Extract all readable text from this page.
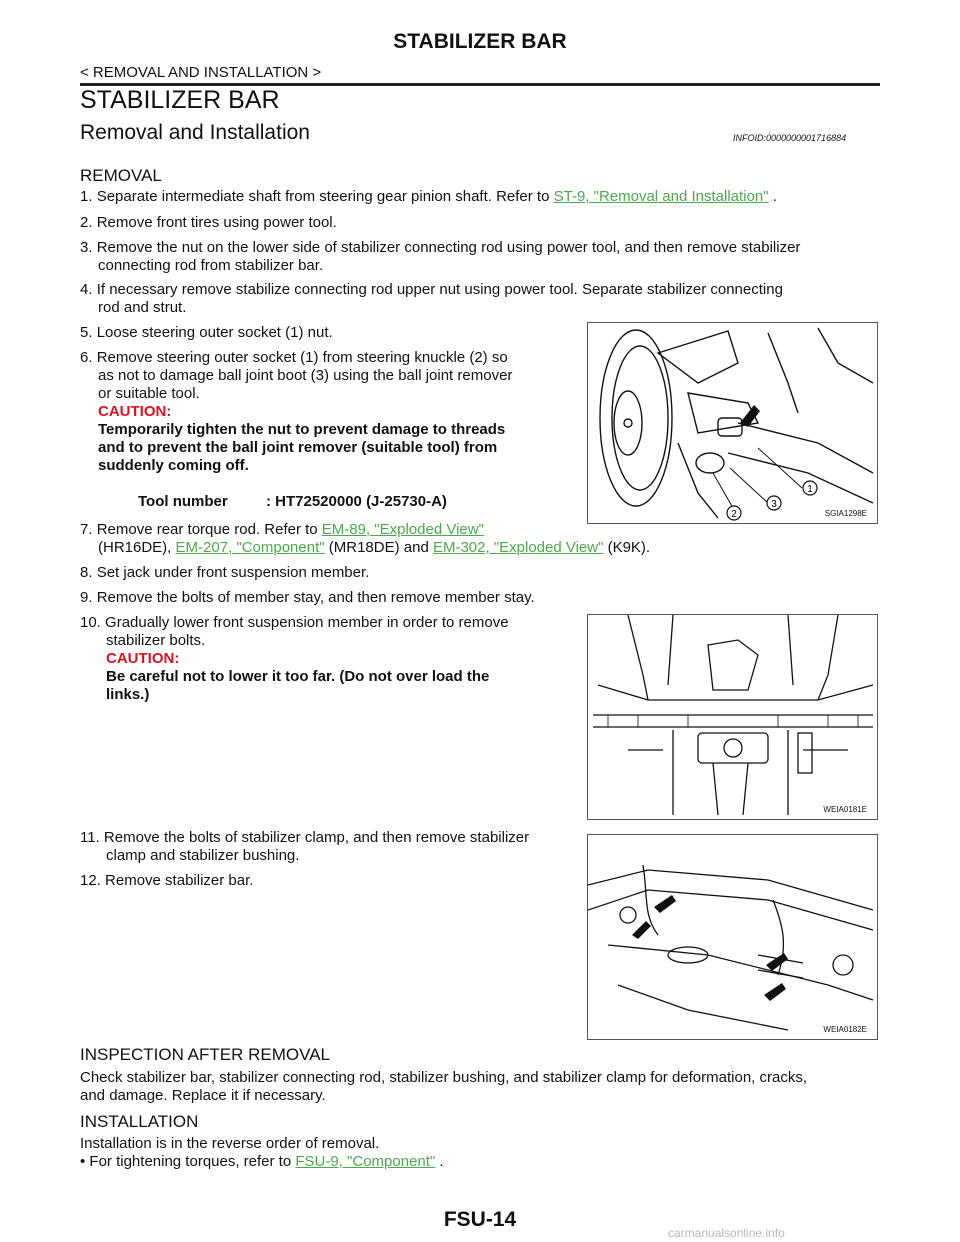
STABILIZER BAR
< REMOVAL AND INSTALLATION >
STABILIZER BAR
Removal and Installation	INFOID:0000000001716884
REMOVAL
1. Separate intermediate shaft from steering gear pinion shaft. Refer to ST-9, "Removal and Installation" .
2. Remove front tires using power tool.
3. Remove the nut on the lower side of stabilizer connecting rod using power tool, and then remove stabilizer
connecting rod from stabilizer bar.
4. If necessary remove stabilize connecting rod upper nut using power tool. Separate stabilizer connecting
rod and strut.
5. Loose steering outer socket (1) nut.
6. Remove steering outer socket (1) from steering knuckle (2) so
as not to damage ball joint boot (3) using the ball joint remover
or suitable tool.
CAUTION:
Temporarily tighten the nut to prevent damage to threads
and to prevent the ball joint remover (suitable tool) from
suddenly coming off.
Tool number	: HT72520000 (J-25730-A)
1
3
2	SGIA1298E
7. Remove rear torque rod. Refer to EM-89, "Exploded View"
(HR16DE), EM-207, "Component" (MR18DE) and EM-302, "Exploded View" (K9K).
8. Set jack under front suspension member.
9. Remove the bolts of member stay, and then remove member stay.
10. Gradually lower front suspension member in order to remove
stabilizer bolts.
CAUTION:
Be careful not to lower it too far. (Do not over load the
links.)
WEIA0181E
11. Remove the bolts of stabilizer clamp, and then remove stabilizer
clamp and stabilizer bushing.
12. Remove stabilizer bar.
WEIA0182E
INSPECTION AFTER REMOVAL
Check stabilizer bar, stabilizer connecting rod, stabilizer bushing, and stabilizer clamp for deformation, cracks,
and damage. Replace it if necessary.
INSTALLATION
Installation is in the reverse order of removal.
• For tightening torques, refer to FSU-9, "Component" .
FSU-14
carmanualsonline.info
